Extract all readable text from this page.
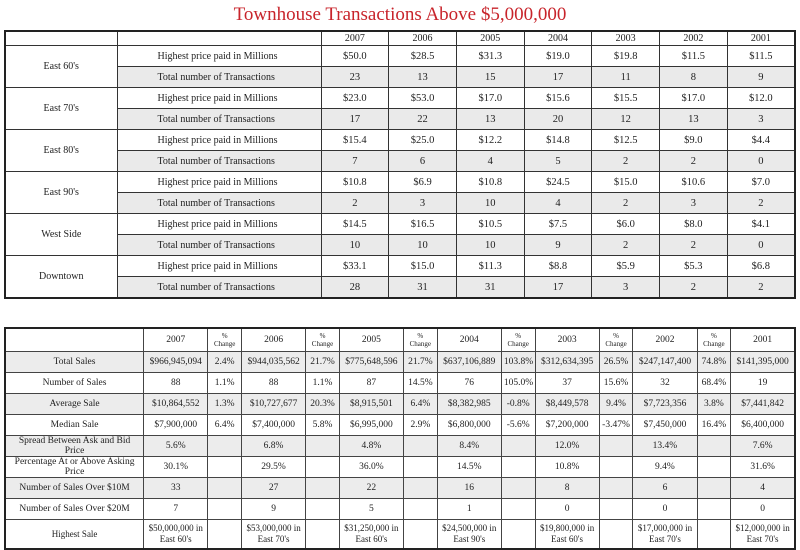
Townhouse Transactions Above $5,000,000
		2007	2006	2005	2004	2003	2002	2001
East 60's	Highest price paid in Millions	$50.0	$28.5	$31.3	$19.0	$19.8	$11.5	$11.5
	Total number of Transactions	23	13	15	17	11	8	9
East 70's	Highest price paid in Millions	$23.0	$53.0	$17.0	$15.6	$15.5	$17.0	$12.0
	Total number of Transactions	17	22	13	20	12	13	3
East 80's	Highest price paid in Millions	$15.4	$25.0	$12.2	$14.8	$12.5	$9.0	$4.4
	Total number of Transactions	7	6	4	5	2	2	0
East 90's	Highest price paid in Millions	$10.8	$6.9	$10.8	$24.5	$15.0	$10.6	$7.0
	Total number of Transactions	2	3	10	4	2	3	2
West Side	Highest price paid in Millions	$14.5	$16.5	$10.5	$7.5	$6.0	$8.0	$4.1
	Total number of Transactions	10	10	10	9	2	2	0
Downtown	Highest price paid in Millions	$33.1	$15.0	$11.3	$8.8	$5.9	$5.3	$6.8
	Total number of Transactions	28	31	31	17	3	2	2
	2007	% Change	2006	% Change	2005	% Change	2004	% Change	2003	% Change	2002	% Change	2001
Total Sales	$966,945,094	2.4%	$944,035,562	21.7%	$775,648,596	21.7%	$637,106,889	103.8%	$312,634,395	26.5%	$247,147,400	74.8%	$141,395,000
Number of Sales	88	1.1%	88	1.1%	87	14.5%	76	105.0%	37	15.6%	32	68.4%	19
Average Sale	$10,864,552	1.3%	$10,727,677	20.3%	$8,915,501	6.4%	$8,382,985	-0.8%	$8,449,578	9.4%	$7,723,356	3.8%	$7,441,842
Median Sale	$7,900,000	6.4%	$7,400,000	5.8%	$6,995,000	2.9%	$6,800,000	-5.6%	$7,200,000	-3.47%	$7,450,000	16.4%	$6,400,000
Spread Between Ask and Bid Price	5.6%		6.8%		4.8%		8.4%		12.0%		13.4%		7.6%
Percentage At or Above Asking Price	30.1%		29.5%		36.0%		14.5%		10.8%		9.4%		31.6%
Number of Sales Over $10M	33		27		22		16		8		6		4
Number of Sales Over $20M	7		9		5		1		0		0		0
Highest Sale	$50,000,000 in East 60's		$53,000,000 in East 70's		$31,250,000 in East 60's		$24,500,000 in East 90's		$19,800,000 in East 60's		$17,000,000 in East 70's		$12,000,000 in East 70's
